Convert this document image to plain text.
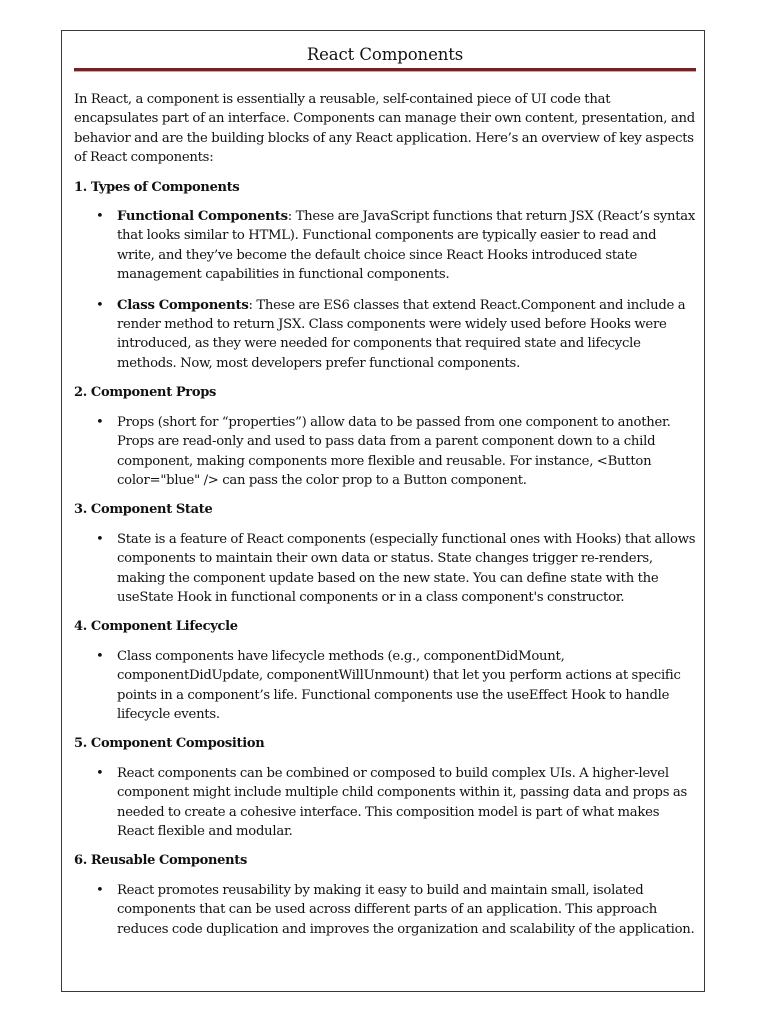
React Components

In React, a component is essentially a reusable, self-contained piece of UI code that encapsulates part of an interface. Components can manage their own content, presentation, and behavior and are the building blocks of any React application. Here’s an overview of key aspects of React components:

1. Types of Components

• Functional Components: These are JavaScript functions that return JSX (React’s syntax that looks similar to HTML). Functional components are typically easier to read and write, and they’ve become the default choice since React Hooks introduced state management capabilities in functional components.
• Class Components: These are ES6 classes that extend React.Component and include a render method to return JSX. Class components were widely used before Hooks were introduced, as they were needed for components that required state and lifecycle methods. Now, most developers prefer functional components.

2. Component Props

• Props (short for “properties”) allow data to be passed from one component to another. Props are read-only and used to pass data from a parent component down to a child component, making components more flexible and reusable. For instance, <Button color="blue" /> can pass the color prop to a Button component.

3. Component State

• State is a feature of React components (especially functional ones with Hooks) that allows components to maintain their own data or status. State changes trigger re-renders, making the component update based on the new state. You can define state with the useState Hook in functional components or in a class component's constructor.

4. Component Lifecycle

• Class components have lifecycle methods (e.g., componentDidMount, componentDidUpdate, componentWillUnmount) that let you perform actions at specific points in a component’s life. Functional components use the useEffect Hook to handle lifecycle events.

5. Component Composition

• React components can be combined or composed to build complex UIs. A higher-level component might include multiple child components within it, passing data and props as needed to create a cohesive interface. This composition model is part of what makes React flexible and modular.

6. Reusable Components

• React promotes reusability by making it easy to build and maintain small, isolated components that can be used across different parts of an application. This approach reduces code duplication and improves the organization and scalability of the application.
